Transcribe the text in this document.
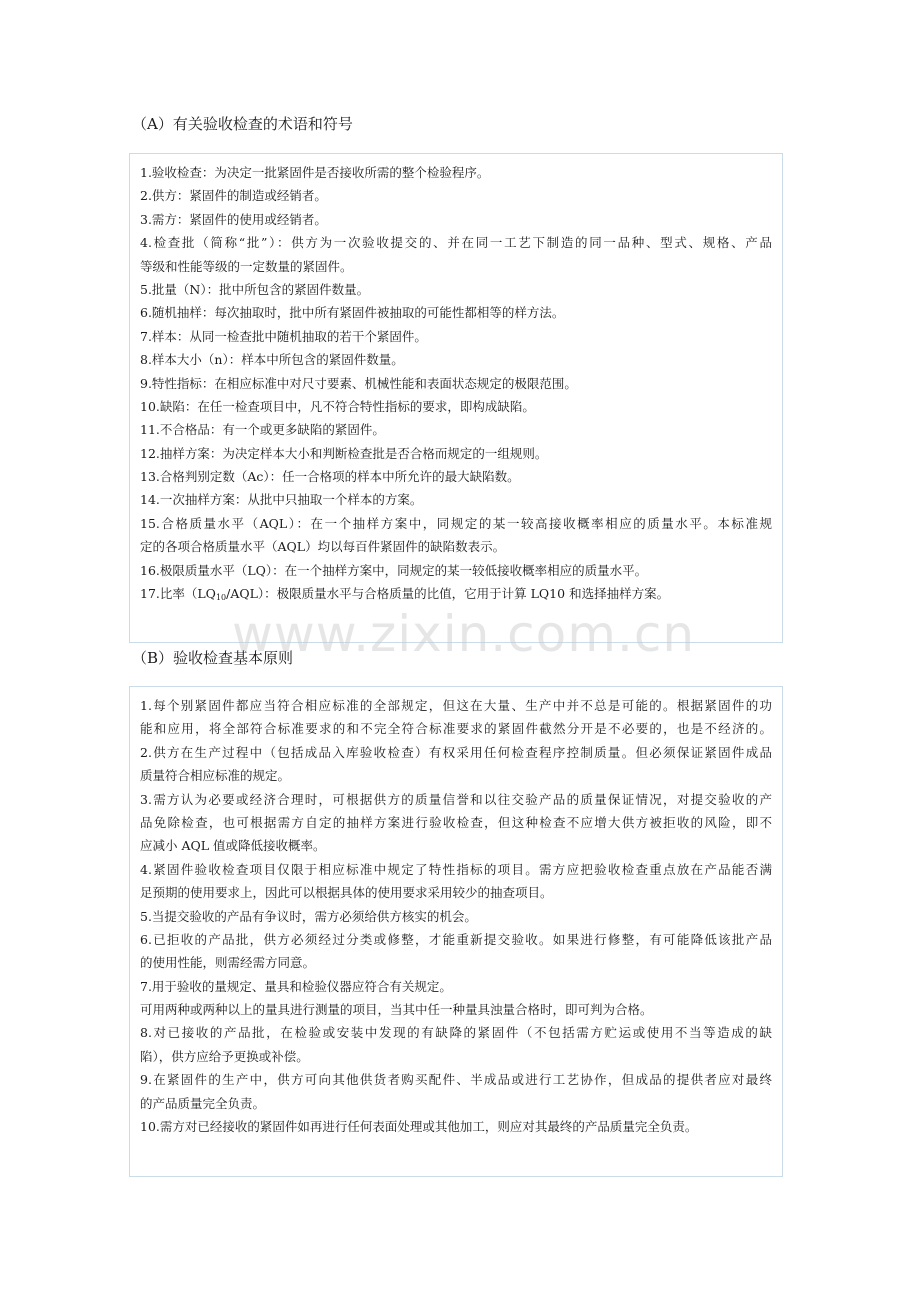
（A）有关验收检查的术语和符号
1.验收检查：为决定一批紧固件是否接收所需的整个检验程序。
2.供方：紧固件的制造或经销者。
3.需方：紧固件的使用或经销者。
4.检查批（简称“批”）：供方为一次验收提交的、并在同一工艺下制造的同一品种、型式、规格、产品
等级和性能等级的一定数量的紧固件。
5.批量（N）：批中所包含的紧固件数量。
6.随机抽样：每次抽取时，批中所有紧固件被抽取的可能性都相等的样方法。
7.样本：从同一检查批中随机抽取的若干个紧固件。
8.样本大小（n）：样本中所包含的紧固件数量。
9.特性指标：在相应标准中对尺寸要素、机械性能和表面状态规定的极限范围。
10.缺陷：在任一检查项目中，凡不符合特性指标的要求，即构成缺陷。
11.不合格品：有一个或更多缺陷的紧固件。
12.抽样方案：为决定样本大小和判断检查批是否合格而规定的一组规则。
13.合格判别定数（Ac）：任一合格项的样本中所允许的最大缺陷数。
14.一次抽样方案：从批中只抽取一个样本的方案。
15.合格质量水平（AQL）：在一个抽样方案中，同规定的某一较高接收概率相应的质量水平。本标准规
定的各项合格质量水平（AQL）均以每百件紧固件的缺陷数表示。
16.极限质量水平（LQ）：在一个抽样方案中，同规定的某一较低接收概率相应的质量水平。
17.比率$(LQ_{10}/AQL)$：极限质量水平与合格质量的比值，它用于计算 LQ10 和选择抽样方案。
www.zixin.com.cn
（B）验收检查基本原则
1.每个别紧固件都应当符合相应标准的全部规定，但这在大量、生产中并不总是可能的。根据紧固件的功
能和应用，将全部符合标准要求的和不完全符合标准要求的紧固件截然分开是不必要的，也是不经济的。
2.供方在生产过程中（包括成品入库验收检查）有权采用任何检查程序控制质量。但必须保证紧固件成品
质量符合相应标准的规定。
3.需方认为必要或经济合理时，可根据供方的质量信誉和以往交验产品的质量保证情况，对提交验收的产
品免除检查，也可根据需方自定的抽样方案进行验收检查，但这种检查不应增大供方被拒收的风险，即不
应减小 AQL 值或降低接收概率。
4.紧固件验收检查项目仅限于相应标准中规定了特性指标的项目。需方应把验收检查重点放在产品能否满
足预期的使用要求上，因此可以根据具体的使用要求采用较少的抽查项目。
5.当提交验收的产品有争议时，需方必须给供方核实的机会。
6.已拒收的产品批，供方必须经过分类或修整，才能重新提交验收。如果进行修整，有可能降低该批产品
的使用性能，则需经需方同意。
7.用于验收的量规定、量具和检验仪器应符合有关规定。
可用两种或两种以上的量具进行测量的项目，当其中任一种量具浊量合格时，即可判为合格。
8.对已接收的产品批，在检验或安装中发现的有缺降的紧固件（不包括需方贮运或使用不当等造成的缺
陷），供方应给予更换或补偿。
9.在紧固件的生产中，供方可向其他供货者购买配件、半成品或进行工艺协作，但成品的提供者应对最终
的产品质量完全负责。
10.需方对已经接收的紧固件如再进行任何表面处理或其他加工，则应对其最终的产品质量完全负责。
